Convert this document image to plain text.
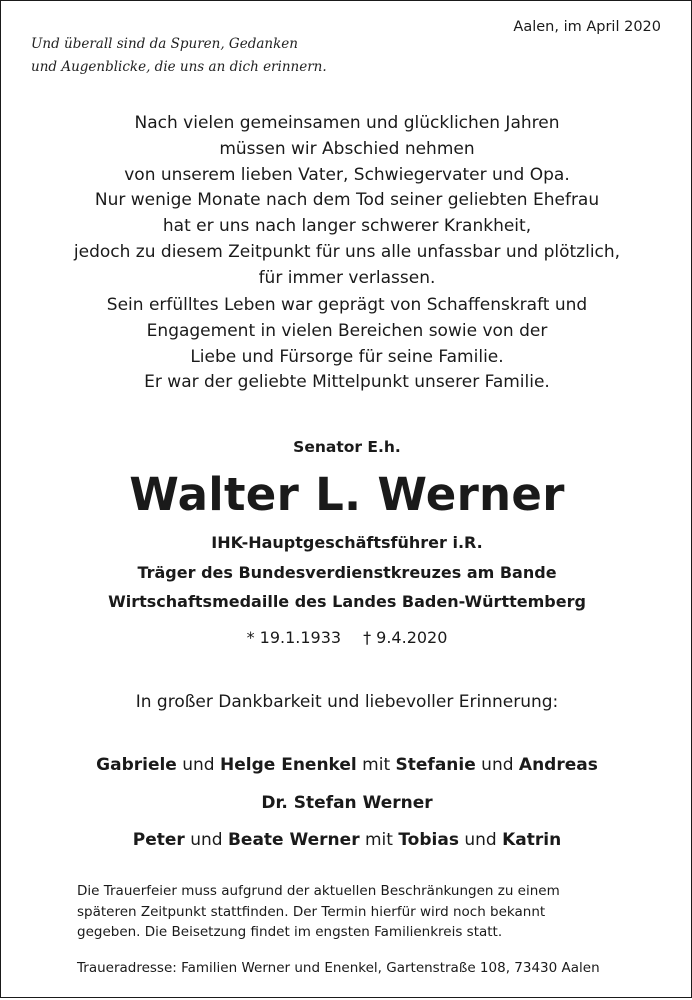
Und überall sind da Spuren, Gedanken
und Augenblicke, die uns an dich erinnern.
Aalen, im April 2020
Nach vielen gemeinsamen und glücklichen Jahren
müssen wir Abschied nehmen
von unserem lieben Vater, Schwiegervater und Opa.
Nur wenige Monate nach dem Tod seiner geliebten Ehefrau
hat er uns nach langer schwerer Krankheit,
jedoch zu diesem Zeitpunkt für uns alle unfassbar und plötzlich,
für immer verlassen.
Sein erfülltes Leben war geprägt von Schaffenskraft und
Engagement in vielen Bereichen sowie von der
Liebe und Fürsorge für seine Familie.
Er war der geliebte Mittelpunkt unserer Familie.
Senator E.h.
Walter L. Werner
IHK-Hauptgeschäftsführer i.R.
Träger des Bundesverdienstkreuzes am Bande
Wirtschaftsmedaille des Landes Baden-Württemberg
* 19.1.1933 † 9.4.2020
In großer Dankbarkeit und liebevoller Erinnerung:
Gabriele und Helge Enenkel mit Stefanie und Andreas
Dr. Stefan Werner
Peter und Beate Werner mit Tobias und Katrin
Die Trauerfeier muss aufgrund der aktuellen Beschränkungen zu einem
späteren Zeitpunkt stattfinden. Der Termin hierfür wird noch bekannt
gegeben. Die Beisetzung findet im engsten Familienkreis statt.
Traueradresse: Familien Werner und Enenkel, Gartenstraße 108, 73430 Aalen
